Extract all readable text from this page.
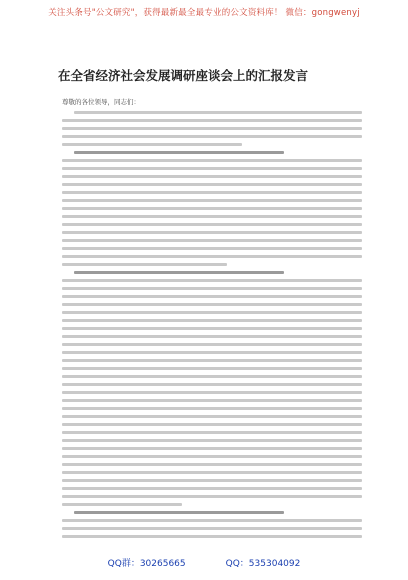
关注头条号"公文研究"，获得最新最全最专业的公文资料库！ 微信：gongwenyj
在全省经济社会发展调研座谈会上的汇报发言
尊敬的各位领导，同志们：
QQ群：30265665	QQ：535304092
